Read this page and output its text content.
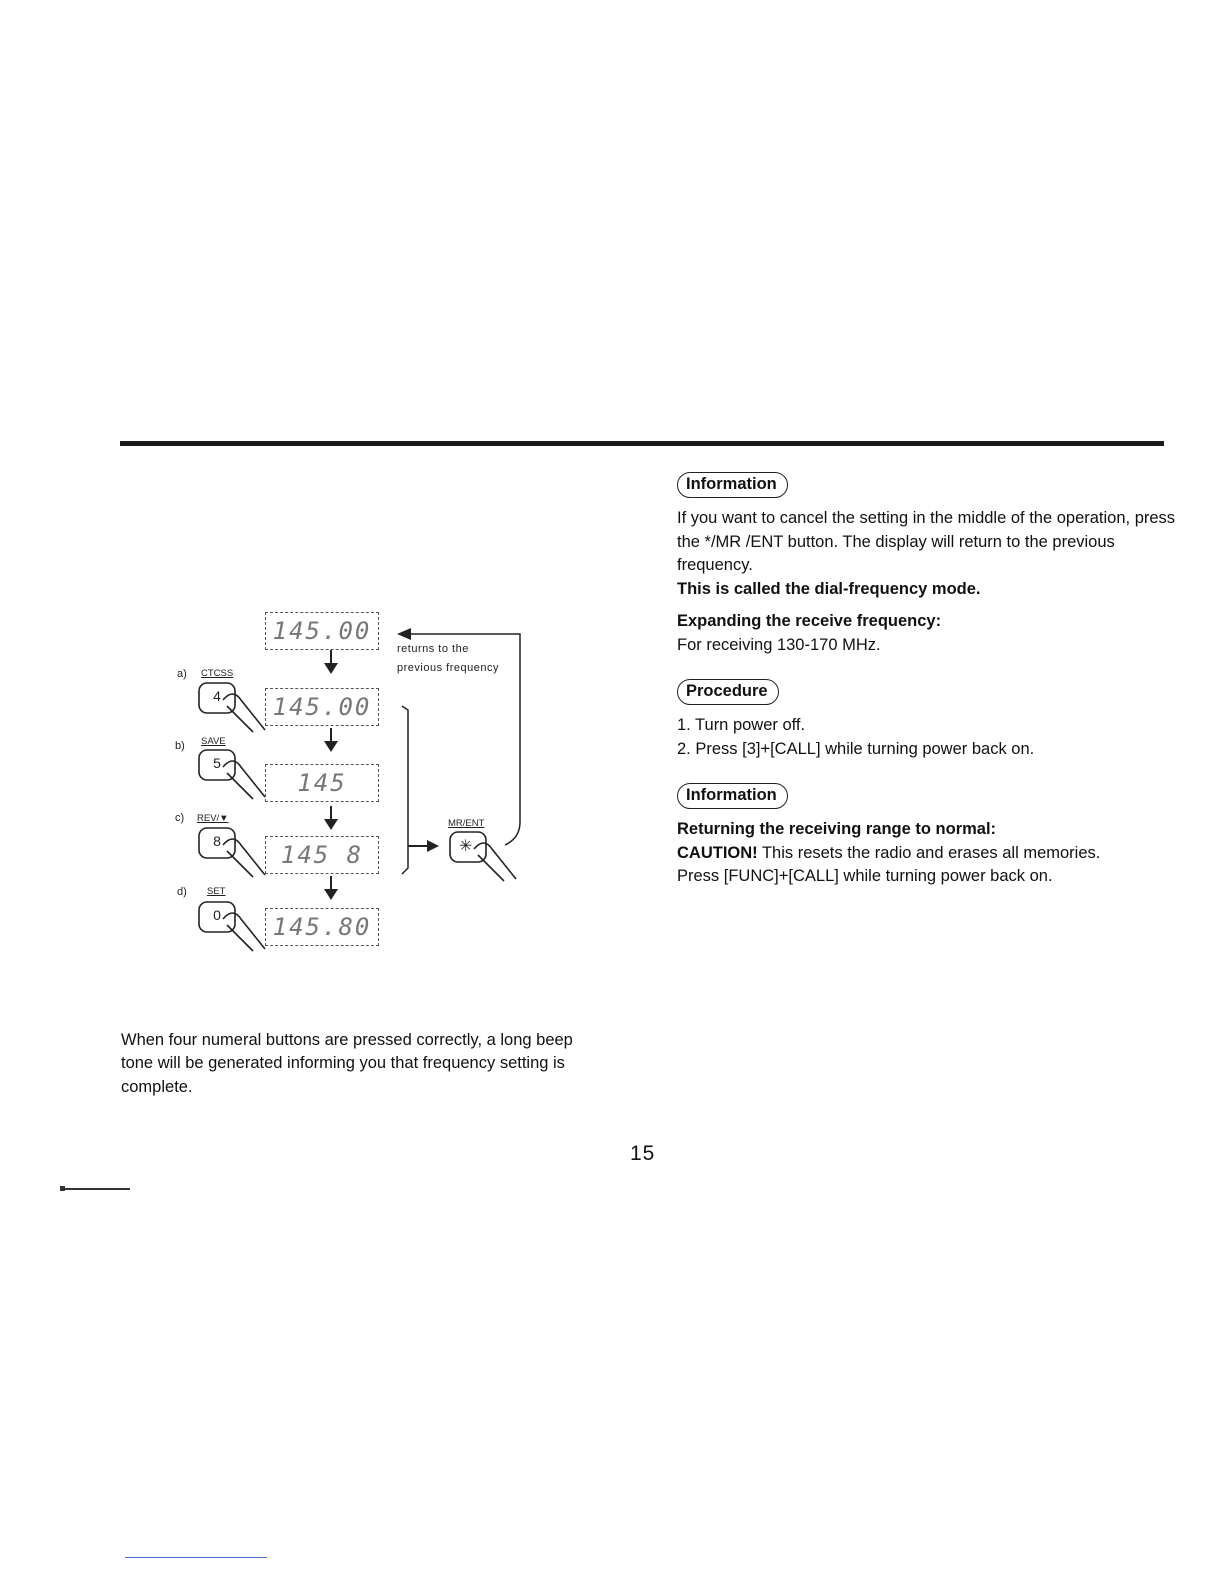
Information

If you want to cancel the setting in the middle of the operation, press the */MR /ENT button. The display will return to the previous frequency.

This is called the dial-frequency mode.

Expanding the receive frequency:

For receiving 130-170 MHz.

Procedure

1. Turn power off.

2. Press [3]+[CALL] while turning power back on.

Information

Returning the receiving range to normal:

CAUTION! This resets the radio and erases all memories.

Press [FUNC]+[CALL] while turning power back on.

145.00
145.00
145
145 8
145.80
a) CTCSS
4
b) SAVE
5
c) REV/▼
8
d) SET
0
returns to the
previous frequency
MR/ENT
✳

When four numeral buttons are pressed correctly, a long beep tone will be generated informing you that frequency setting is complete.

15
